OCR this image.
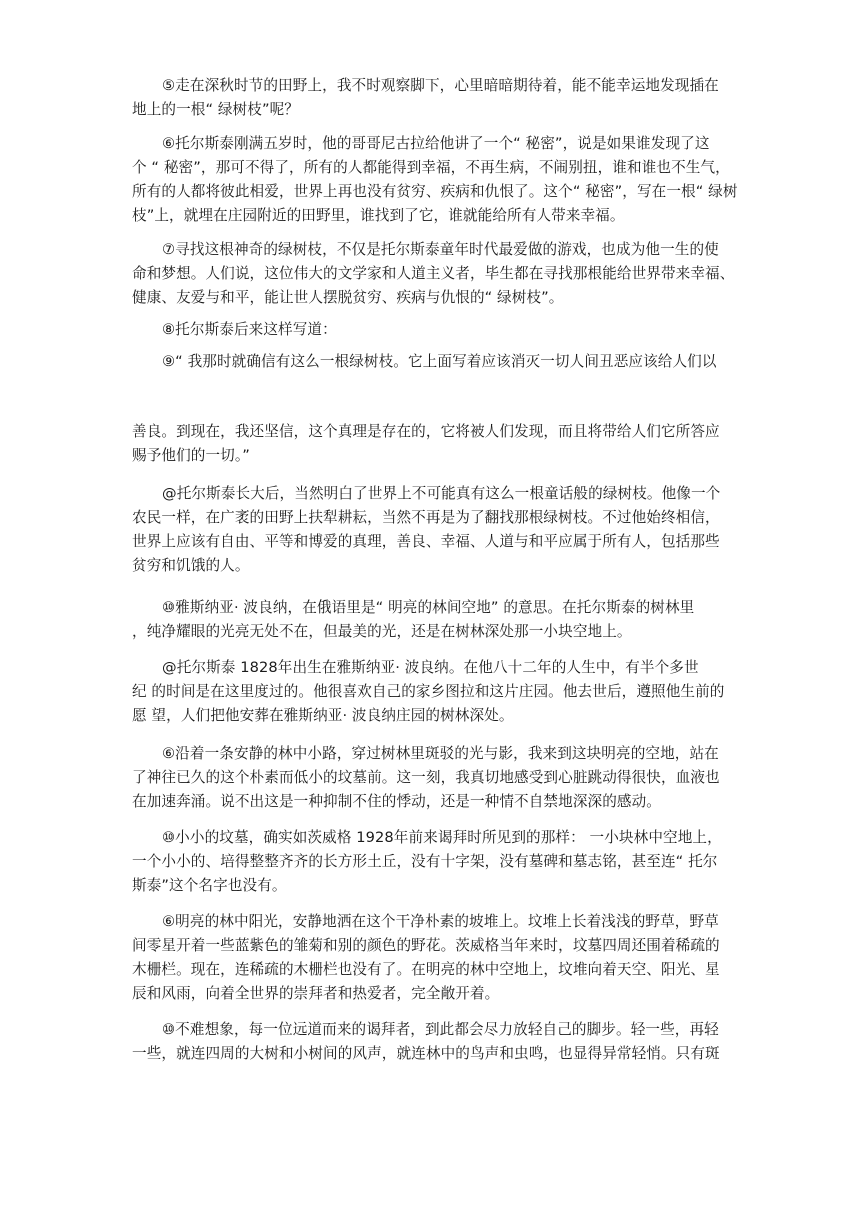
⑤走在深秋时节的田野上，我不时观察脚下，心里暗暗期待着，能不能幸运地发现插在

地上的一根“ 绿树枝”呢？

⑥托尔斯泰刚满五岁时，他的哥哥尼古拉给他讲了一个“ 秘密”，说是如果谁发现了这

个 “ 秘密”，那可不得了，所有的人都能得到幸福，不再生病，不闹别扭，谁和谁也不生气，

所有的人都将彼此相爱，世界上再也没有贫穷、疾病和仇恨了。这个“ 秘密”，写在一根“ 绿树

枝”上，就埋在庄园附近的田野里，谁找到了它，谁就能给所有人带来幸福。

⑦寻找这根神奇的绿树枝，不仅是托尔斯泰童年时代最爱做的游戏，也成为他一生的使

命和梦想。人们说，这位伟大的文学家和人道主义者，毕生都在寻找那根能给世界带来幸福、

健康、友爱与和平，能让世人摆脱贫穷、疾病与仇恨的“ 绿树枝”。

⑧托尔斯泰后来这样写道：

⑨“ 我那时就确信有这么一根绿树枝。它上面写着应该消灭一切人间丑恶应该给人们以

善良。到现在，我还坚信，这个真理是存在的，它将被人们发现，而且将带给人们它所答应

赐予他们的一切。”

@托尔斯泰长大后，当然明白了世界上不可能真有这么一根童话般的绿树枝。他像一个

农民一样，在广袤的田野上扶犁耕耘，当然不再是为了翻找那根绿树枝。不过他始终相信，

世界上应该有自由、平等和博爱的真理，善良、幸福、人道与和平应属于所有人，包括那些

贫穷和饥饿的人。

⑩雅斯纳亚· 波良纳，在俄语里是“ 明亮的林间空地” 的意思。在托尔斯泰的树林里

，纯净耀眼的光亮无处不在，但最美的光，还是在树林深处那一小块空地上。

@托尔斯泰 1828年出生在雅斯纳亚· 波良纳。在他八十二年的人生中，有半个多世

纪 的时间是在这里度过的。他很喜欢自己的家乡图拉和这片庄园。他去世后，遵照他生前的

愿 望，人们把他安葬在雅斯纳亚· 波良纳庄园的树林深处。

⑥沿着一条安静的林中小路，穿过树林里斑驳的光与影，我来到这块明亮的空地，站在

了神往已久的这个朴素而低小的坟墓前。这一刻，我真切地感受到心脏跳动得很快，血液也

在加速奔涌。说不出这是一种抑制不住的悸动，还是一种情不自禁地深深的感动。

⑩小小的坟墓，确实如茨威格 1928年前来谒拜时所见到的那样： 一小块林中空地上，

一个小小的、培得整整齐齐的长方形土丘，没有十字架，没有墓碑和墓志铭，甚至连“ 托尔

斯泰”这个名字也没有。

⑥明亮的林中阳光，安静地洒在这个干净朴素的坡堆上。坟堆上长着浅浅的野草，野草

间零星开着一些蓝紫色的雏菊和别的颜色的野花。茨威格当年来时，坟墓四周还围着稀疏的

木栅栏。现在，连稀疏的木栅栏也没有了。在明亮的林中空地上，坟堆向着天空、阳光、星

辰和风雨，向着全世界的崇拜者和热爱者，完全敞开着。

⑩不难想象，每一位远道而来的谒拜者，到此都会尽力放轻自己的脚步。轻一些，再轻

一些，就连四周的大树和小树间的风声，就连林中的鸟声和虫鸣，也显得异常轻悄。只有斑
